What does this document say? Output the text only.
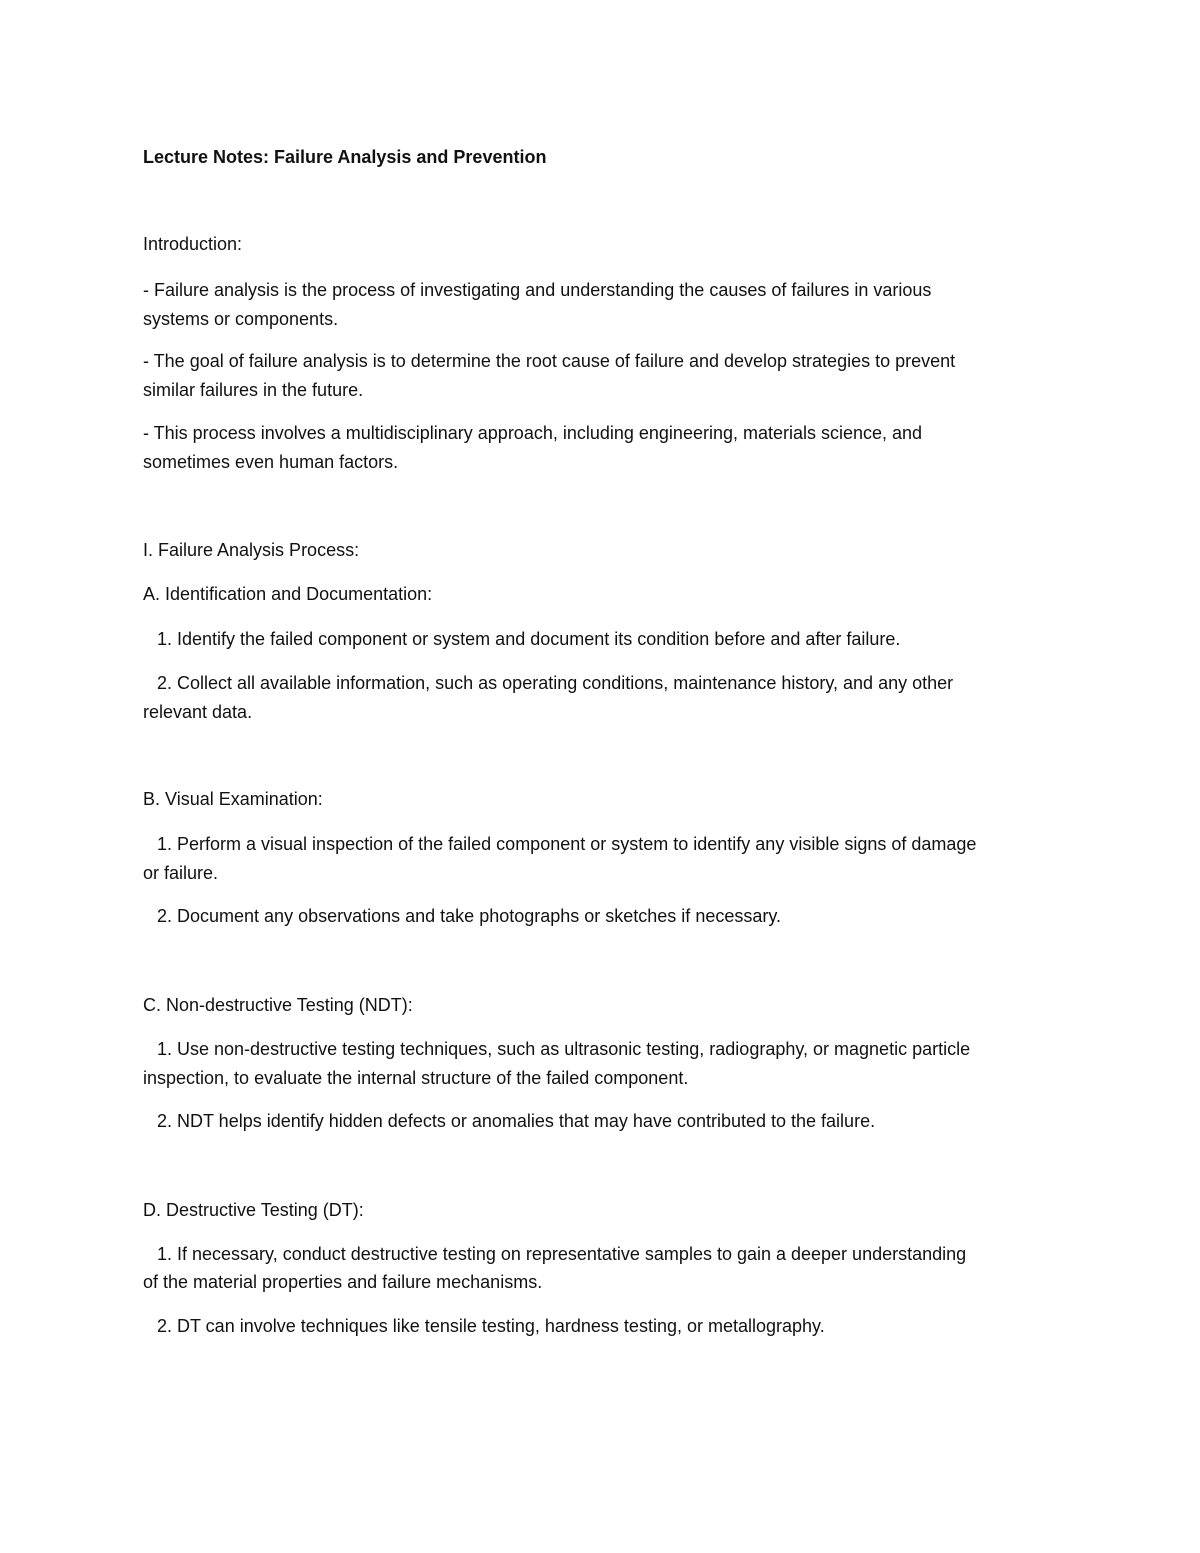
Lecture Notes: Failure Analysis and Prevention
Introduction:
- Failure analysis is the process of investigating and understanding the causes of failures in various
systems or components.
- The goal of failure analysis is to determine the root cause of failure and develop strategies to prevent
similar failures in the future.
- This process involves a multidisciplinary approach, including engineering, materials science, and
sometimes even human factors.
I. Failure Analysis Process:
A. Identification and Documentation:
1. Identify the failed component or system and document its condition before and after failure.
2. Collect all available information, such as operating conditions, maintenance history, and any other
relevant data.
B. Visual Examination:
1. Perform a visual inspection of the failed component or system to identify any visible signs of damage
or failure.
2. Document any observations and take photographs or sketches if necessary.
C. Non-destructive Testing (NDT):
1. Use non-destructive testing techniques, such as ultrasonic testing, radiography, or magnetic particle
inspection, to evaluate the internal structure of the failed component.
2. NDT helps identify hidden defects or anomalies that may have contributed to the failure.
D. Destructive Testing (DT):
1. If necessary, conduct destructive testing on representative samples to gain a deeper understanding
of the material properties and failure mechanisms.
2. DT can involve techniques like tensile testing, hardness testing, or metallography.
